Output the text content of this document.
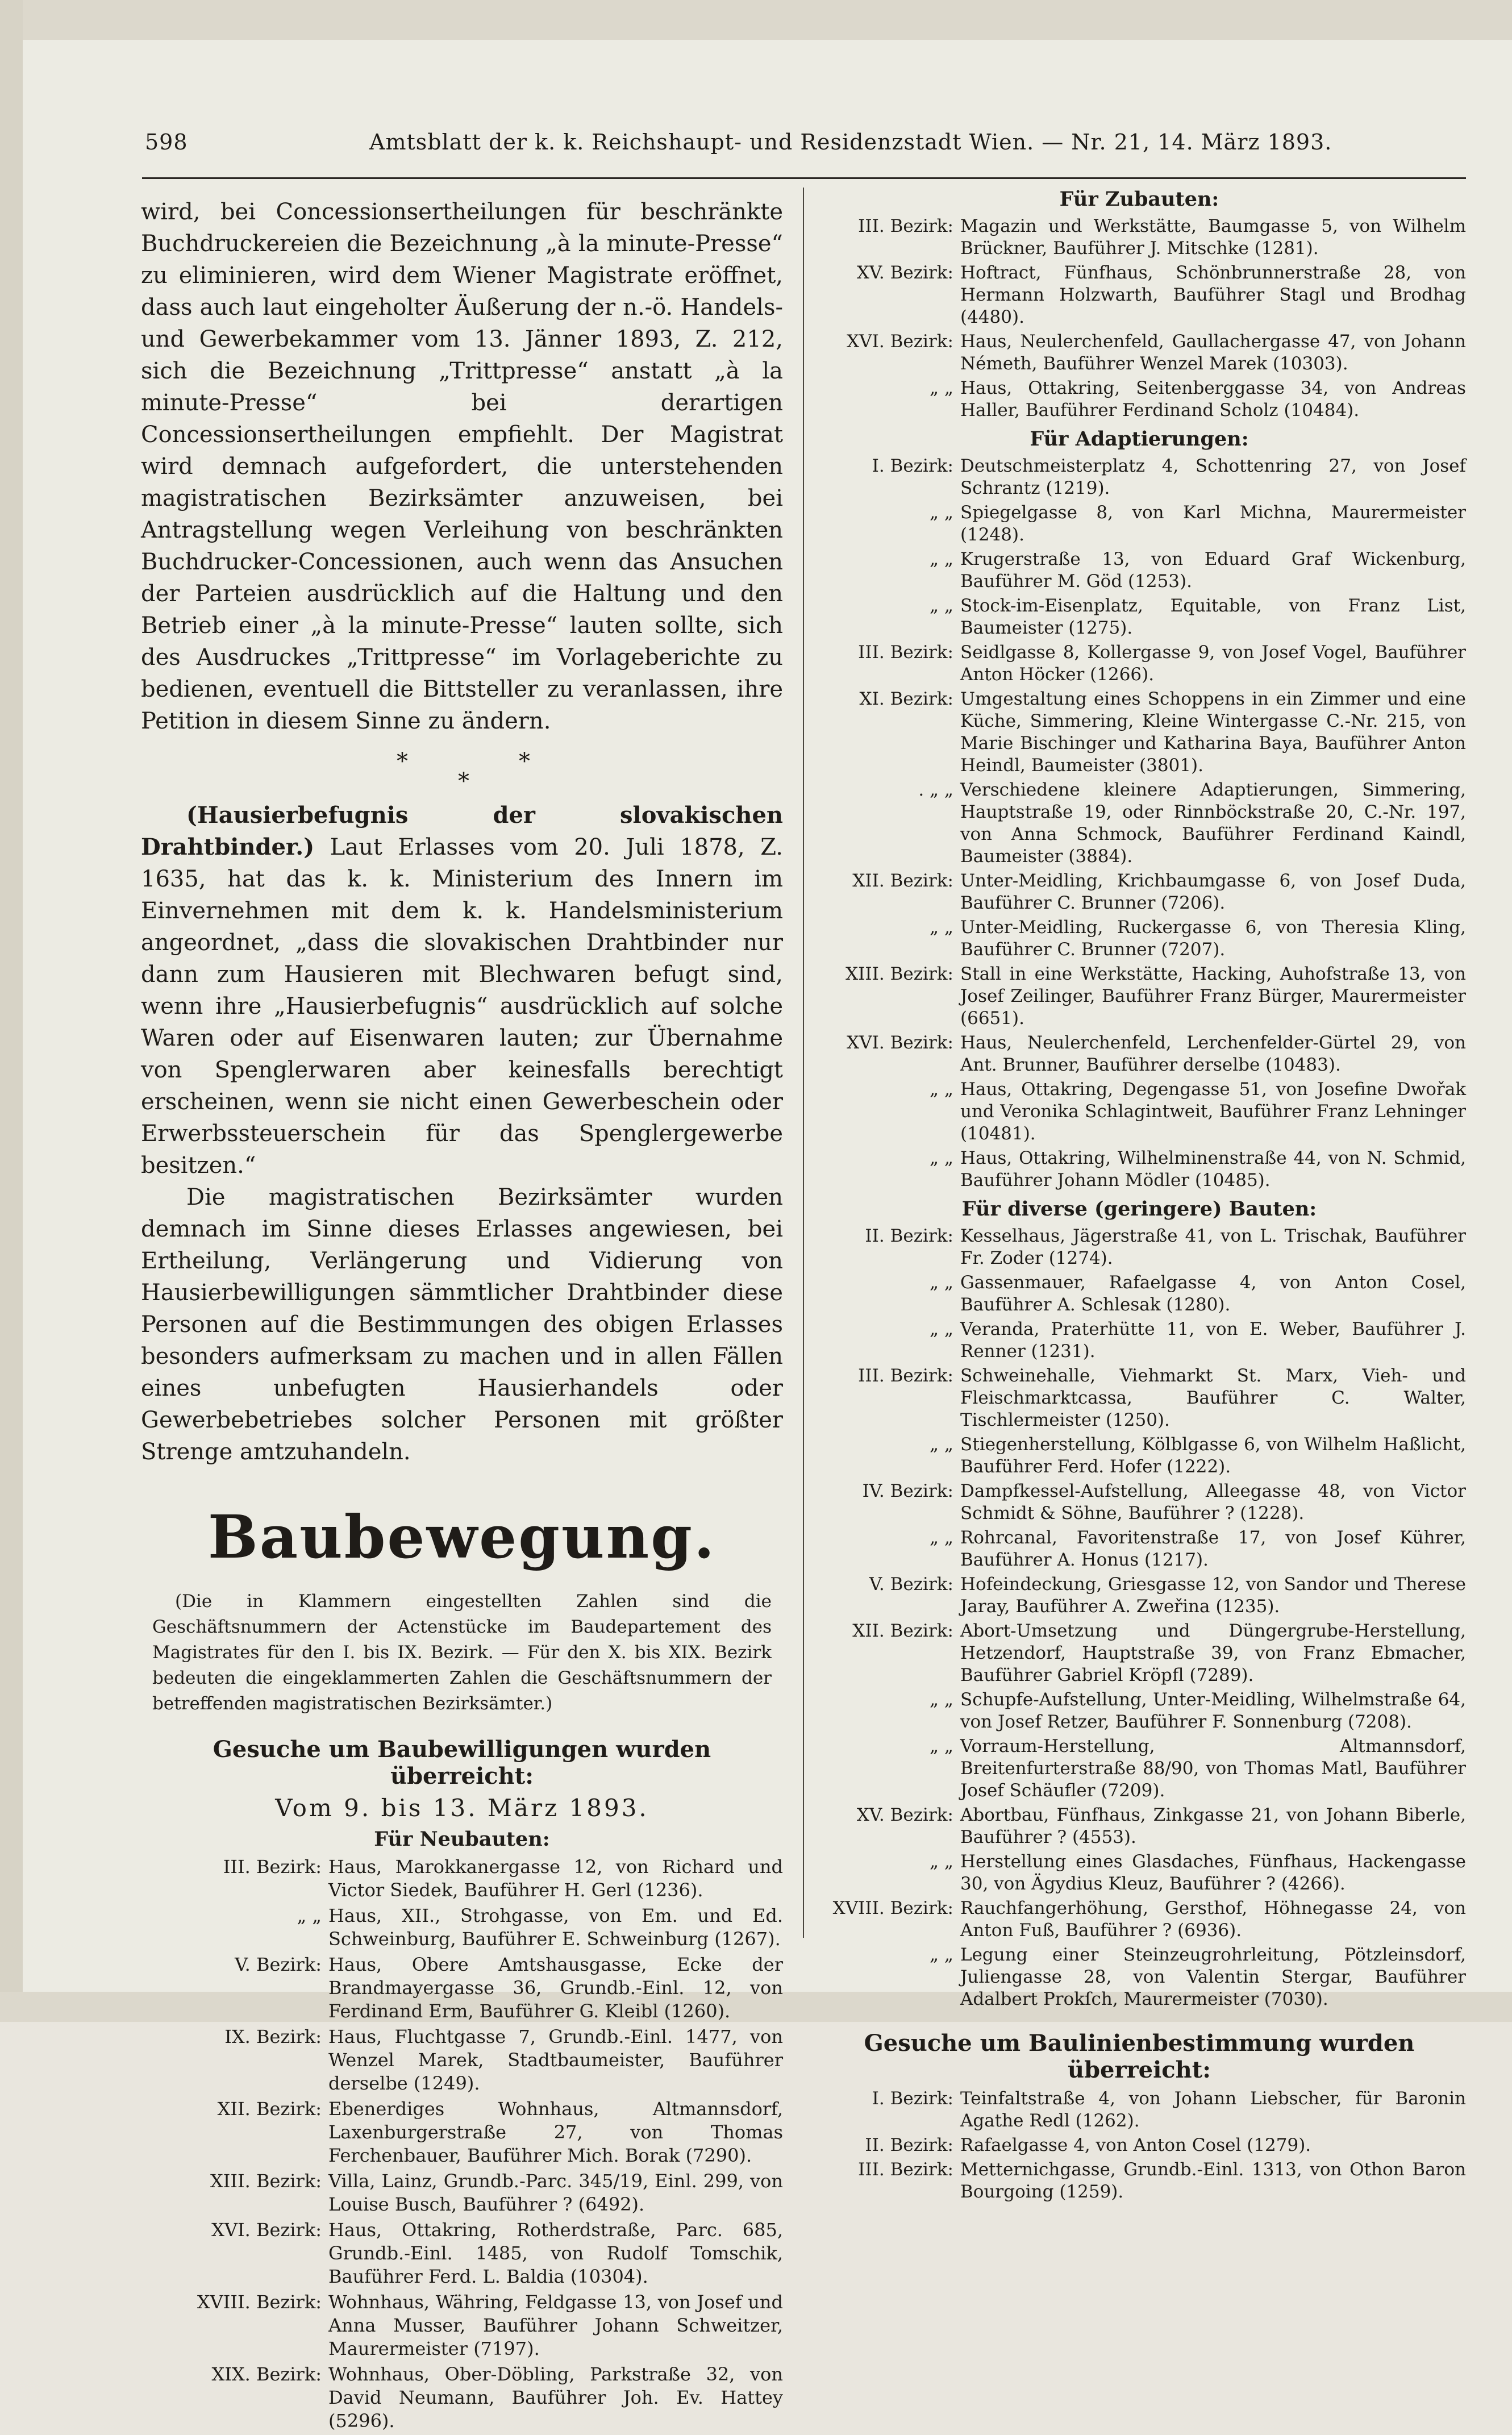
598	Amtsblatt der k. k. Reichshaupt- und Residenzstadt Wien. — Nr. 21, 14. März 1893.

wird, bei Concessionsertheilungen für beschränkte Buchdruckereien die Bezeichnung „à la minute-Presse“ zu eliminieren, wird dem Wiener Magistrate eröffnet, dass auch laut eingeholter Äußerung der n.-ö. Handels- und Gewerbekammer vom 13. Jänner 1893, Z. 212, sich die Bezeichnung „Trittpresse“ anstatt „à la minute-Presse“ bei derartigen Concessionsertheilungen empfiehlt. Der Magistrat wird demnach aufgefordert, die unterstehenden magistratischen Bezirksämter anzuweisen, bei Antragstellung wegen Verleihung von beschränkten Buchdrucker-Concessionen, auch wenn das Ansuchen der Parteien ausdrücklich auf die Haltung und den Betrieb einer „à la minute-Presse“ lauten sollte, sich des Ausdruckes „Trittpresse“ im Vorlageberichte zu bedienen, eventuell die Bittsteller zu veranlassen, ihre Petition in diesem Sinne zu ändern.

*	*
*

(Hausierbefugnis der slovakischen Drahtbinder.) Laut Erlasses vom 20. Juli 1878, Z. 1635, hat das k. k. Ministerium des Innern im Einvernehmen mit dem k. k. Handelsministerium angeordnet, „dass die slovakischen Drahtbinder nur dann zum Hausieren mit Blechwaren befugt sind, wenn ihre „Hausierbefugnis“ ausdrücklich auf solche Waren oder auf Eisenwaren lauten; zur Übernahme von Spenglerwaren aber keinesfalls berechtigt erscheinen, wenn sie nicht einen Gewerbeschein oder Erwerbssteuerschein für das Spenglergewerbe besitzen.“

Die magistratischen Bezirksämter wurden demnach im Sinne dieses Erlasses angewiesen, bei Ertheilung, Verlängerung und Vidierung von Hausierbewilligungen sämmtlicher Drahtbinder diese Personen auf die Bestimmungen des obigen Erlasses besonders aufmerksam zu machen und in allen Fällen eines unbefugten Hausierhandels oder Gewerbebetriebes solcher Personen mit größter Strenge amtzuhandeln.

Baubewegung.

(Die in Klammern eingestellten Zahlen sind die Geschäftsnummern der Actenstücke im Baudepartement des Magistrates für den I. bis IX. Bezirk. — Für den X. bis XIX. Bezirk bedeuten die eingeklammerten Zahlen die Geschäftsnummern der betreffenden magistratischen Bezirksämter.)

Gesuche um Baubewilligungen wurden überreicht:
Vom 9. bis 13. März 1893.
Für Neubauten:
III. Bezirk: Haus, Marokkanergasse 12, von Richard und Victor Siedek, Bauführer H. Gerl (1236).
„ „ Haus, XII., Strohgasse, von Em. und Ed. Schweinburg, Bauführer E. Schweinburg (1267).
V. Bezirk: Haus, Obere Amtshausgasse, Ecke der Brandmayergasse 36, Grundb.-Einl. 12, von Ferdinand Erm, Bauführer G. Kleibl (1260).
IX. Bezirk: Haus, Fluchtgasse 7, Grundb.-Einl. 1477, von Wenzel Marek, Stadtbaumeister, Bauführer derselbe (1249).
XII. Bezirk: Ebenerdiges Wohnhaus, Altmannsdorf, Laxenburgerstraße 27, von Thomas Ferchenbauer, Bauführer Mich. Borak (7290).
XIII. Bezirk: Villa, Lainz, Grundb.-Parc. 345/19, Einl. 299, von Louise Busch, Bauführer ? (6492).
XVI. Bezirk: Haus, Ottakring, Rotherdstraße, Parc. 685, Grundb.-Einl. 1485, von Rudolf Tomschik, Bauführer Ferd. L. Baldia (10304).
XVIII. Bezirk: Wohnhaus, Währing, Feldgasse 13, von Josef und Anna Musser, Bauführer Johann Schweitzer, Maurermeister (7197).
XIX. Bezirk: Wohnhaus, Ober-Döbling, Parkstraße 32, von David Neumann, Bauführer Joh. Ev. Hattey (5296).
Für Zubauten:
III. Bezirk: Magazin und Werkstätte, Baumgasse 5, von Wilhelm Brückner, Bauführer J. Mitschke (1281).
XV. Bezirk: Hoftract, Fünfhaus, Schönbrunnerstraße 28, von Hermann Holzwarth, Bauführer Stagl und Brodhag (4480).
XVI. Bezirk: Haus, Neulerchenfeld, Gaullachergasse 47, von Johann Németh, Bauführer Wenzel Marek (10303).
„ „ Haus, Ottakring, Seitenberggasse 34, von Andreas Haller, Bauführer Ferdinand Scholz (10484).
Für Adaptierungen:
I. Bezirk: Deutschmeisterplatz 4, Schottenring 27, von Josef Schrantz (1219).
„ „ Spiegelgasse 8, von Karl Michna, Maurermeister (1248).
„ „ Krugerstraße 13, von Eduard Graf Wickenburg, Bauführer M. Göd (1253).
„ „ Stock-im-Eisenplatz, Equitable, von Franz List, Baumeister (1275).
III. Bezirk: Seidlgasse 8, Kollergasse 9, von Josef Vogel, Bauführer Anton Höcker (1266).
XI. Bezirk: Umgestaltung eines Schoppens in ein Zimmer und eine Küche, Simmering, Kleine Wintergasse C.-Nr. 215, von Marie Bischinger und Katharina Baya, Bauführer Anton Heindl, Baumeister (3801).
. „ „ Verschiedene kleinere Adaptierungen, Simmering, Hauptstraße 19, oder Rinnböckstraße 20, C.-Nr. 197, von Anna Schmock, Bauführer Ferdinand Kaindl, Baumeister (3884).
XII. Bezirk: Unter-Meidling, Krichbaumgasse 6, von Josef Duda, Bauführer C. Brunner (7206).
„ „ Unter-Meidling, Ruckergasse 6, von Theresia Kling, Bauführer C. Brunner (7207).
XIII. Bezirk: Stall in eine Werkstätte, Hacking, Auhofstraße 13, von Josef Zeilinger, Bauführer Franz Bürger, Maurermeister (6651).
XVI. Bezirk: Haus, Neulerchenfeld, Lerchenfelder-Gürtel 29, von Ant. Brunner, Bauführer derselbe (10483).
„ „ Haus, Ottakring, Degengasse 51, von Josefine Dwořak und Veronika Schlagintweit, Bauführer Franz Lehninger (10481).
„ „ Haus, Ottakring, Wilhelminenstraße 44, von N. Schmid, Bauführer Johann Mödler (10485).
Für diverse (geringere) Bauten:
II. Bezirk: Kesselhaus, Jägerstraße 41, von L. Trischak, Bauführer Fr. Zoder (1274).
„ „ Gassenmauer, Rafaelgasse 4, von Anton Cosel, Bauführer A. Schlesak (1280).
„ „ Veranda, Praterhütte 11, von E. Weber, Bauführer J. Renner (1231).
III. Bezirk: Schweinehalle, Viehmarkt St. Marx, Vieh- und Fleischmarktcassa, Bauführer C. Walter, Tischlermeister (1250).
„ „ Stiegenherstellung, Kölblgasse 6, von Wilhelm Haßlicht, Bauführer Ferd. Hofer (1222).
IV. Bezirk: Dampfkessel-Aufstellung, Alleegasse 48, von Victor Schmidt & Söhne, Bauführer ? (1228).
„ „ Rohrcanal, Favoritenstraße 17, von Josef Kührer, Bauführer A. Honus (1217).
V. Bezirk: Hofeindeckung, Griesgasse 12, von Sandor und Therese Jaray, Bauführer A. Zweřina (1235).
XII. Bezirk: Abort-Umsetzung und Düngergrube-Herstellung, Hetzendorf, Hauptstraße 39, von Franz Ebmacher, Bauführer Gabriel Kröpfl (7289).
„ „ Schupfe-Aufstellung, Unter-Meidling, Wilhelmstraße 64, von Josef Retzer, Bauführer F. Sonnenburg (7208).
„ „ Vorraum-Herstellung, Altmannsdorf, Breitenfurterstraße 88/90, von Thomas Matl, Bauführer Josef Schäufler (7209).
XV. Bezirk: Abortbau, Fünfhaus, Zinkgasse 21, von Johann Biberle, Bauführer ? (4553).
„ „ Herstellung eines Glasdaches, Fünfhaus, Hackengasse 30, von Ägydius Kleuz, Bauführer ? (4266).
XVIII. Bezirk: Rauchfangerhöhung, Gersthof, Höhnegasse 24, von Anton Fuß, Bauführer ? (6936).
„ „ Legung einer Steinzeugrohrleitung, Pötzleinsdorf, Juliengasse 28, von Valentin Stergar, Bauführer Adalbert Prokſch, Maurermeister (7030).
Gesuche um Baulinienbestimmung wurden überreicht:
I. Bezirk: Teinfaltstraße 4, von Johann Liebscher, für Baronin Agathe Redl (1262).
II. Bezirk: Rafaelgasse 4, von Anton Cosel (1279).
III. Bezirk: Metternichgasse, Grundb.-Einl. 1313, von Othon Baron Bourgoing (1259).
